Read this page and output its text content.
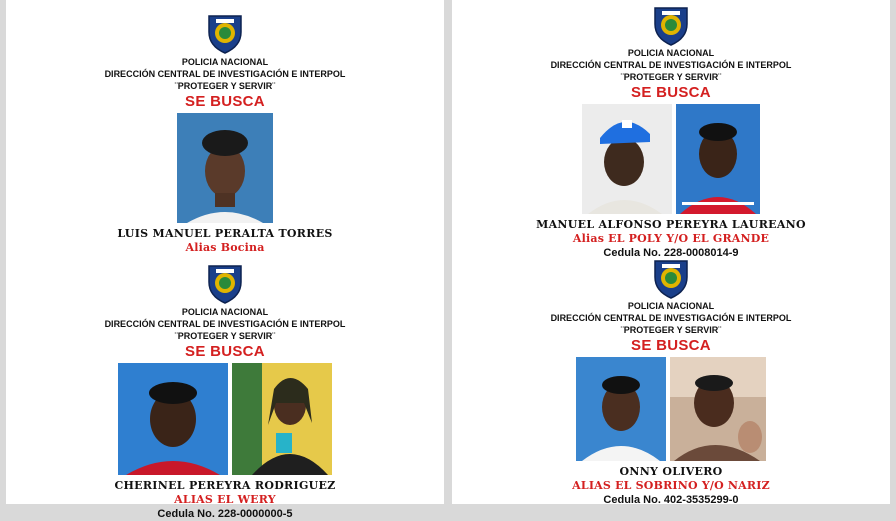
POLICIA NACIONAL
DIRECCIÓN CENTRAL DE INVESTIGACIÓN E INTERPOL
¨PROTEGER Y SERVIR¨
SE BUSCA
LUIS MANUEL PERALTA TORRES
Alias Bocina
POLICIA NACIONAL
DIRECCIÓN CENTRAL DE INVESTIGACIÓN E INTERPOL
¨PROTEGER Y SERVIR¨
SE BUSCA
CHERINEL PEREYRA RODRIGUEZ
ALIAS EL WERY
Cedula No. 228-0000000-5
POLICIA NACIONAL
DIRECCIÓN CENTRAL DE INVESTIGACIÓN E INTERPOL
¨PROTEGER Y SERVIR¨
SE BUSCA
MANUEL ALFONSO PEREYRA LAUREANO
Alias EL POLY Y/O EL GRANDE
Cedula No. 228-0008014-9
POLICIA NACIONAL
DIRECCIÓN CENTRAL DE INVESTIGACIÓN E INTERPOL
¨PROTEGER Y SERVIR¨
SE BUSCA
ONNY OLIVERO
ALIAS EL SOBRINO Y/O NARIZ
Cedula No. 402-3535299-0
